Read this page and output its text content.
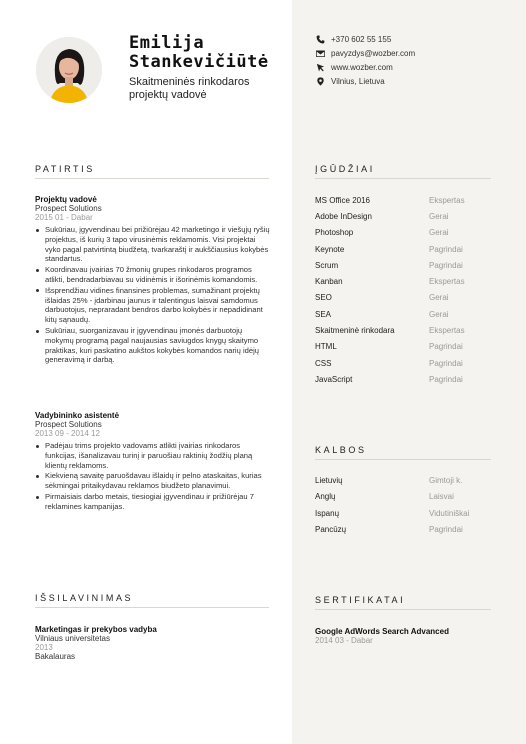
Emilija
Stankevičiūtė
Skaitmeninės rinkodaros
projektų vadovė
+370 602 55 155
pavyzdys@wozber.com
www.wozber.com
Vilnius, Lietuva
PATIRTIS
Projektų vadovė
Prospect Solutions
2015 01 - Dabar
Sukūriau, įgyvendinau bei prižiūrėjau 42 marketingo ir viešųjų ryšių projektus, iš kurių 3 tapo virusinėmis reklamomis. Visi projektai vyko pagal patvirtintą biudžetą, tvarkaraštį ir aukščiausius kokybės standartus.
Koordinavau įvairias 70 žmonių grupes rinkodaros programos atlikti, bendradarbiavau su vidinėmis ir išorinėmis komandomis.
Išsprendžiau vidines finansines problemas, sumažinant projektų išlaidas 25% - įdarbinau jaunus ir talentingus laisvai samdomus darbuotojus, nepraradant bendros darbo kokybės ir nepadidinant kitų sąnaudų.
Sukūriau, suorganizavau ir įgyvendinau įmonės darbuotojų mokymų programą pagal naujausias saviugdos knygų skaitymo praktikas, kuri paskatino aukštos kokybės komandos narių idėjų generavimą ir darbą.
Vadybininko asistentė
Prospect Solutions
2013 09 - 2014 12
Padėjau trims projekto vadovams atlikti įvairias rinkodaros funkcijas, išanalizavau turinį ir paruošiau raktinių žodžių planą klientų reklamoms.
Kiekvieną savaitę paruošdavau išlaidų ir pelno ataskaitas, kurias sėkmingai pritaikydavau reklamos biudžeto planavimui.
Pirmaisiais darbo metais, tiesiogiai įgyvendinau ir prižiūrėjau 7 reklamines kampanijas.
ĮGŪDŽIAI
MS Office 2016	Ekspertas
Adobe InDesign	Gerai
Photoshop	Gerai
Keynote	Pagrindai
Scrum	Pagrindai
Kanban	Ekspertas
SEO	Gerai
SEA	Gerai
Skaitmeninė rinkodara	Ekspertas
HTML	Pagrindai
CSS	Pagrindai
JavaScript	Pagrindai
KALBOS
Lietuvių	Gimtoji k.
Anglų	Laisvai
Ispanų	Vidutiniškai
Pancūzų	Pagrindai
IŠSILAVINIMAS
Marketingas ir prekybos vadyba
Vilniaus universitetas
2013
Bakalauras
SERTIFIKATAI
Google AdWords Search Advanced
2014 03 - Dabar
